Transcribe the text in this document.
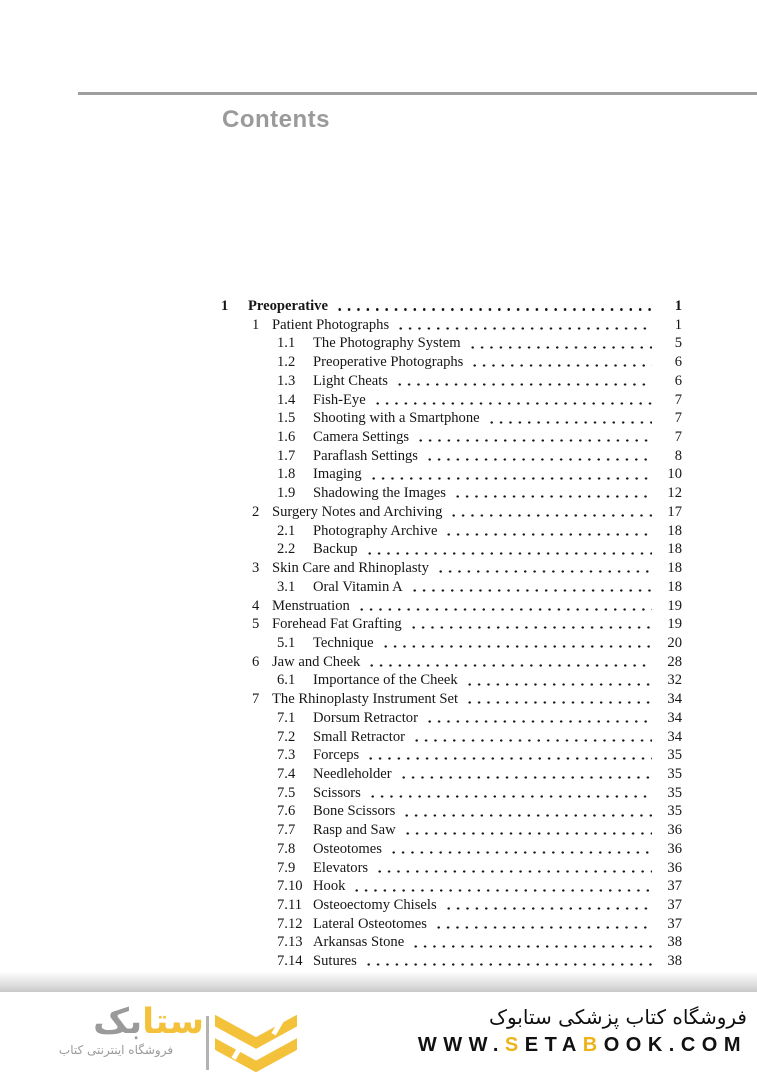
Contents
1	Preoperative	1
1 Patient Photographs	1
1.1	The Photography System	5
1.2	Preoperative Photographs	6
1.3	Light Cheats	6
1.4	Fish-Eye	7
1.5	Shooting with a Smartphone	7
1.6	Camera Settings	7
1.7	Paraflash Settings	8
1.8	Imaging	10
1.9	Shadowing the Images	12
2 Surgery Notes and Archiving	17
2.1	Photography Archive	18
2.2	Backup	18
3 Skin Care and Rhinoplasty	18
3.1	Oral Vitamin A	18
4 Menstruation	19
5 Forehead Fat Grafting	19
5.1	Technique	20
6 Jaw and Cheek	28
6.1	Importance of the Cheek	32
7 The Rhinoplasty Instrument Set	34
7.1	Dorsum Retractor	34
7.2	Small Retractor	34
7.3	Forceps	35
7.4	Needleholder	35
7.5	Scissors	35
7.6	Bone Scissors	35
7.7	Rasp and Saw	36
7.8	Osteotomes	36
7.9	Elevators	36
7.10 Hook	37
7.11 Osteoectomy Chisels	37
7.12 Lateral Osteotomes	37
7.13 Arkansas Stone	38
7.14 Sutures	38
ستابک
فروشگاه اینترنتی کتاب
فروشگاه کتاب پزشکی ستابوک
WWW.SETABOOK.COM
